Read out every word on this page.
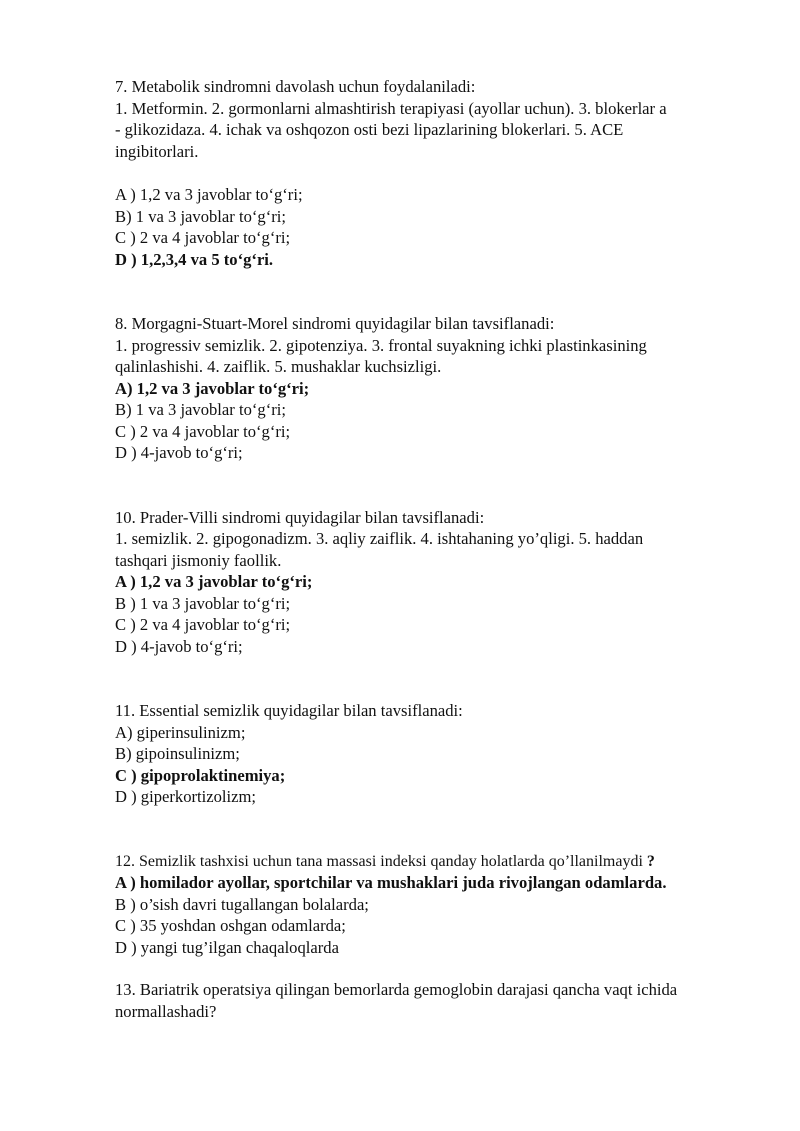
7. Metabolik sindromni davolash uchun foydalaniladi:

1. Metformin. 2. gormonlarni almashtirish terapiyasi (ayollar uchun). 3. blokerlar a

- glikozidaza. 4. ichak va oshqozon osti bezi lipazlarining blokerlari. 5. ACE

ingibitorlari.

A ) 1,2 va 3 javoblar to‘g‘ri;

B) 1 va 3 javoblar to‘g‘ri;

C ) 2 va 4 javoblar to‘g‘ri;

D ) 1,2,3,4 va 5 to‘g‘ri.

8. Morgagni-Stuart-Morel sindromi quyidagilar bilan tavsiflanadi:

1. progressiv semizlik. 2. gipotenziya. 3. frontal suyakning ichki plastinkasining

qalinlashishi. 4. zaiflik. 5. mushaklar kuchsizligi.

A) 1,2 va 3 javoblar to‘g‘ri;

B) 1 va 3 javoblar to‘g‘ri;

C ) 2 va 4 javoblar to‘g‘ri;

D ) 4-javob to‘g‘ri;

10. Prader-Villi sindromi quyidagilar bilan tavsiflanadi:

1. semizlik. 2. gipogonadizm. 3. aqliy zaiflik. 4. ishtahaning yo’qligi. 5. haddan

tashqari jismoniy faollik.

A ) 1,2 va 3 javoblar to‘g‘ri;

B ) 1 va 3 javoblar to‘g‘ri;

C ) 2 va 4 javoblar to‘g‘ri;

D ) 4-javob to‘g‘ri;

11. Essential semizlik quyidagilar bilan tavsiflanadi:

A) giperinsulinizm;

B) gipoinsulinizm;

C ) gipoprolaktinemiya;

D ) giperkortizolizm;

12. Semizlik tashxisi uchun tana massasi indeksi qanday holatlarda qo’llanilmaydi ?

A ) homilador ayollar, sportchilar va mushaklari juda rivojlangan odamlarda.

B ) o’sish davri tugallangan bolalarda;

C ) 35 yoshdan oshgan odamlarda;

D ) yangi tug’ilgan chaqaloqlarda

13. Bariatrik operatsiya qilingan bemorlarda gemoglobin darajasi qancha vaqt ichida

normallashadi?
